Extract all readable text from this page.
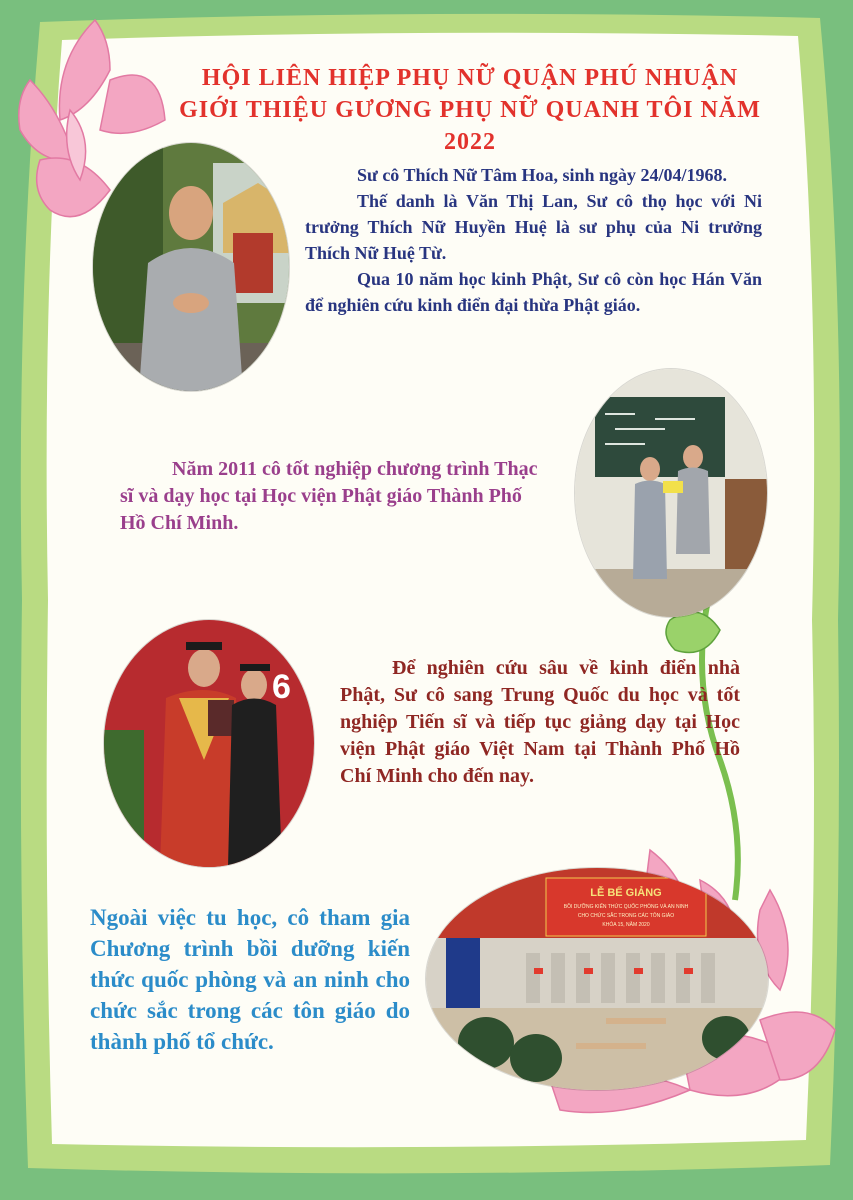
HỘI LIÊN HIỆP PHỤ NỮ QUẬN PHÚ NHUẬN
GIỚI THIỆU GƯƠNG PHỤ NỮ QUANH TÔI NĂM 2022

Sư cô Thích Nữ Tâm Hoa, sinh ngày 24/04/1968.

Thế danh là Văn Thị Lan, Sư cô thọ học với Ni trưởng Thích Nữ Huyền Huệ là sư phụ của Ni trưởng Thích Nữ Huệ Từ.

Qua 10 năm học kinh Phật, Sư cô còn học Hán Văn để nghiên cứu kinh điển đại thừa Phật giáo.

Năm 2011 cô tốt nghiệp chương trình Thạc sĩ và dạy học tại Học viện Phật giáo Thành Phố Hồ Chí Minh.

6	Để nghiên cứu sâu về kinh điển nhà Phật, Sư cô sang Trung Quốc du học và tốt nghiệp Tiến sĩ và tiếp tục giảng dạy tại Học viện Phật giáo Việt Nam tại Thành Phố Hồ Chí Minh cho đến nay.

LỄ BẾ GIẢNG
BỒI DƯỠNG KIẾN THỨC QUỐC PHÒNG VÀ AN NINH
CHO CHỨC SẮC TRONG CÁC TÔN GIÁO
KHÓA 15, NĂM 2020

Ngoài việc tu học, cô tham gia Chương trình bồi dưỡng kiến thức quốc phòng và an ninh cho chức sắc trong các tôn giáo do thành phố tổ chức.
